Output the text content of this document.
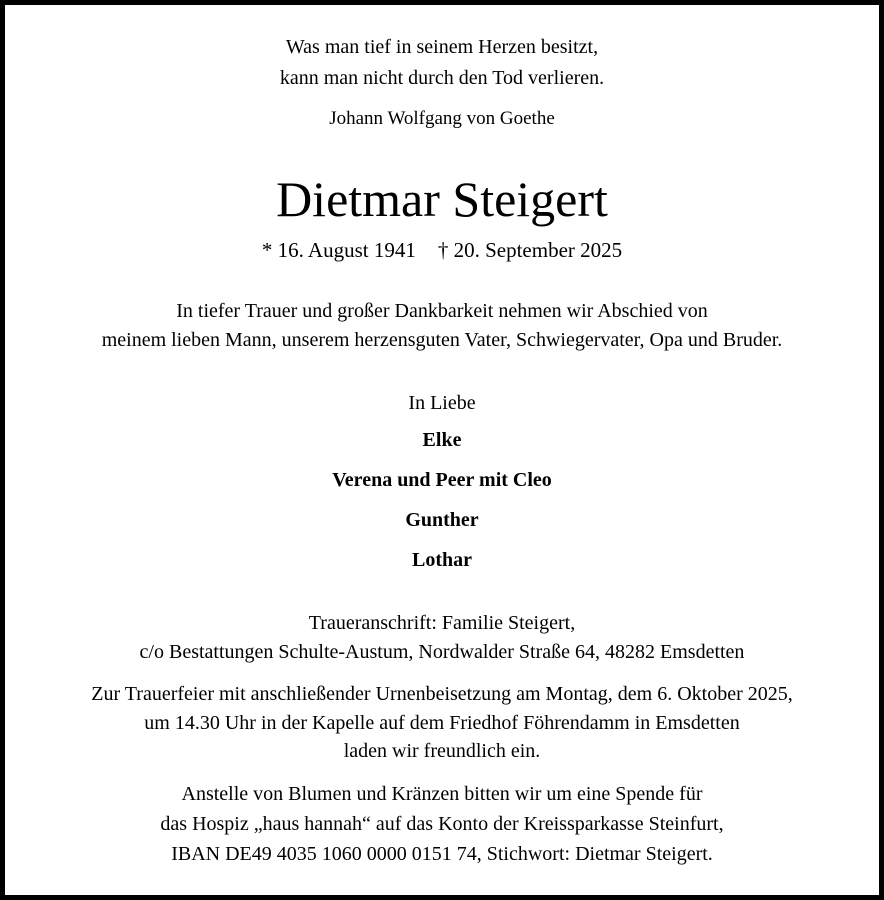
Was man tief in seinem Herzen besitzt,

kann man nicht durch den Tod verlieren.

Johann Wolfgang von Goethe

Dietmar Steigert

* 16. August 1941 † 20. September 2025

In tiefer Trauer und großer Dankbarkeit nehmen wir Abschied von

meinem lieben Mann, unserem herzensguten Vater, Schwiegervater, Opa und Bruder.

In Liebe

Elke

Verena und Peer mit Cleo

Gunther

Lothar

Traueranschrift: Familie Steigert,

c/o Bestattungen Schulte-Austum, Nordwalder Straße 64, 48282 Emsdetten

Zur Trauerfeier mit anschließender Urnenbeisetzung am Montag, dem 6. Oktober 2025,

um 14.30 Uhr in der Kapelle auf dem Friedhof Föhrendamm in Emsdetten

laden wir freundlich ein.

Anstelle von Blumen und Kränzen bitten wir um eine Spende für

das Hospiz „haus hannah“ auf das Konto der Kreissparkasse Steinfurt,

IBAN DE49 4035 1060 0000 0151 74, Stichwort: Dietmar Steigert.
